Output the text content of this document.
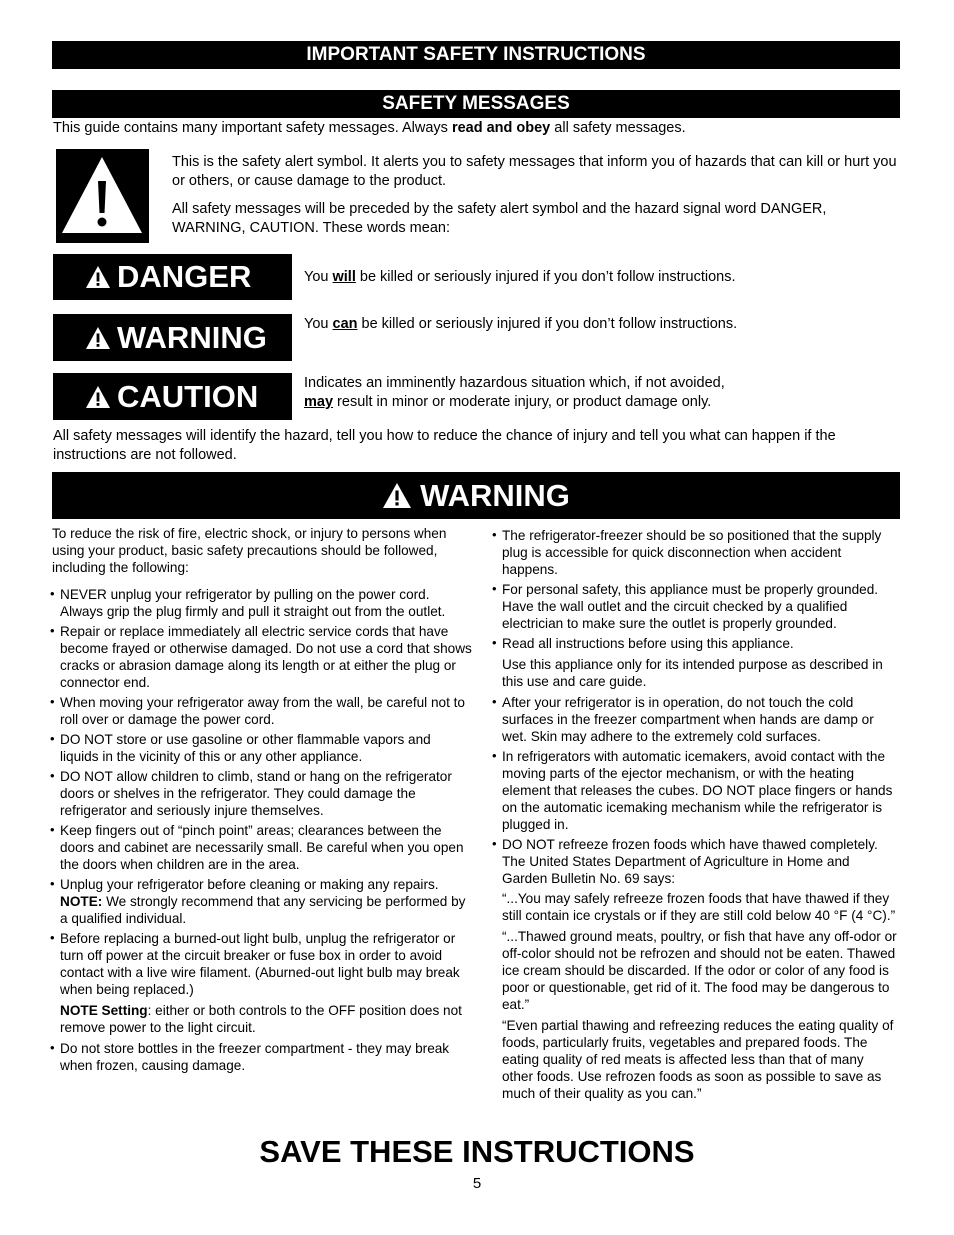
IMPORTANT SAFETY INSTRUCTIONS
SAFETY MESSAGES
This guide contains many important safety messages. Always read and obey all safety messages.

This is the safety alert symbol. It alerts you to safety messages that inform you of hazards that can kill or hurt you or others, or cause damage to the product.

All safety messages will be preceded by the safety alert symbol and the hazard signal word DANGER, WARNING, CAUTION. These words mean:

DANGER	You will be killed or seriously injured if you don’t follow instructions.
WARNING	You can be killed or seriously injured if you don’t follow instructions.
CAUTION	Indicates an imminently hazardous situation which, if not avoided,
may result in minor or moderate injury, or product damage only.
All safety messages will identify the hazard, tell you how to reduce the chance of injury and tell you what can happen if the instructions are not followed.
WARNING

To reduce the risk of fire, electric shock, or injury to persons when using your product, basic safety precautions should be followed, including the following:

• NEVER unplug your refrigerator by pulling on the power cord. Always grip the plug firmly and pull it straight out from the outlet.
• Repair or replace immediately all electric service cords that have become frayed or otherwise damaged. Do not use a cord that shows cracks or abrasion damage along its length or at either the plug or connector end.
• When moving your refrigerator away from the wall, be careful not to roll over or damage the power cord.
• DO NOT store or use gasoline or other flammable vapors and liquids in the vicinity of this or any other appliance.
• DO NOT allow children to climb, stand or hang on the refrigerator doors or shelves in the refrigerator. They could damage the refrigerator and seriously injure themselves.
• Keep fingers out of “pinch point” areas; clearances between the doors and cabinet are necessarily small. Be careful when you open the doors when children are in the area.
• Unplug your refrigerator before cleaning or making any repairs.
NOTE: We strongly recommend that any servicing be performed by a qualified individual.
• Before replacing a burned-out light bulb, unplug the refrigerator or turn off power at the circuit breaker or fuse box in order to avoid contact with a live wire filament. (Aburned-out light bulb may break when being replaced.)
NOTE Setting: either or both controls to the OFF position does not remove power to the light circuit.
• Do not store bottles in the freezer compartment - they may break when frozen, causing damage.
• The refrigerator-freezer should be so positioned that the supply plug is accessible for quick disconnection when accident happens.
• For personal safety, this appliance must be properly grounded. Have the wall outlet and the circuit checked by a qualified electrician to make sure the outlet is properly grounded.
• Read all instructions before using this appliance.
Use this appliance only for its intended purpose as described in this use and care guide.
• After your refrigerator is in operation, do not touch the cold surfaces in the freezer compartment when hands are damp or wet. Skin may adhere to the extremely cold surfaces.
• In refrigerators with automatic icemakers, avoid contact with the moving parts of the ejector mechanism, or with the heating element that releases the cubes. DO NOT place fingers or hands on the automatic icemaking mechanism while the refrigerator is plugged in.
• DO NOT refreeze frozen foods which have thawed completely. The United States Department of Agriculture in Home and Garden Bulletin No. 69 says:
“...You may safely refreeze frozen foods that have thawed if they still contain ice crystals or if they are still cold below 40 °F (4 °C).”
“...Thawed ground meats, poultry, or fish that have any off-odor or off-color should not be refrozen and should not be eaten. Thawed ice cream should be discarded. If the odor or color of any food is poor or questionable, get rid of it. The food may be dangerous to eat.”
“Even partial thawing and refreezing reduces the eating quality of foods, particularly fruits, vegetables and prepared foods. The eating quality of red meats is affected less than that of many other foods. Use refrozen foods as soon as possible to save as much of their quality as you can.”
SAVE THESE INSTRUCTIONS
5
